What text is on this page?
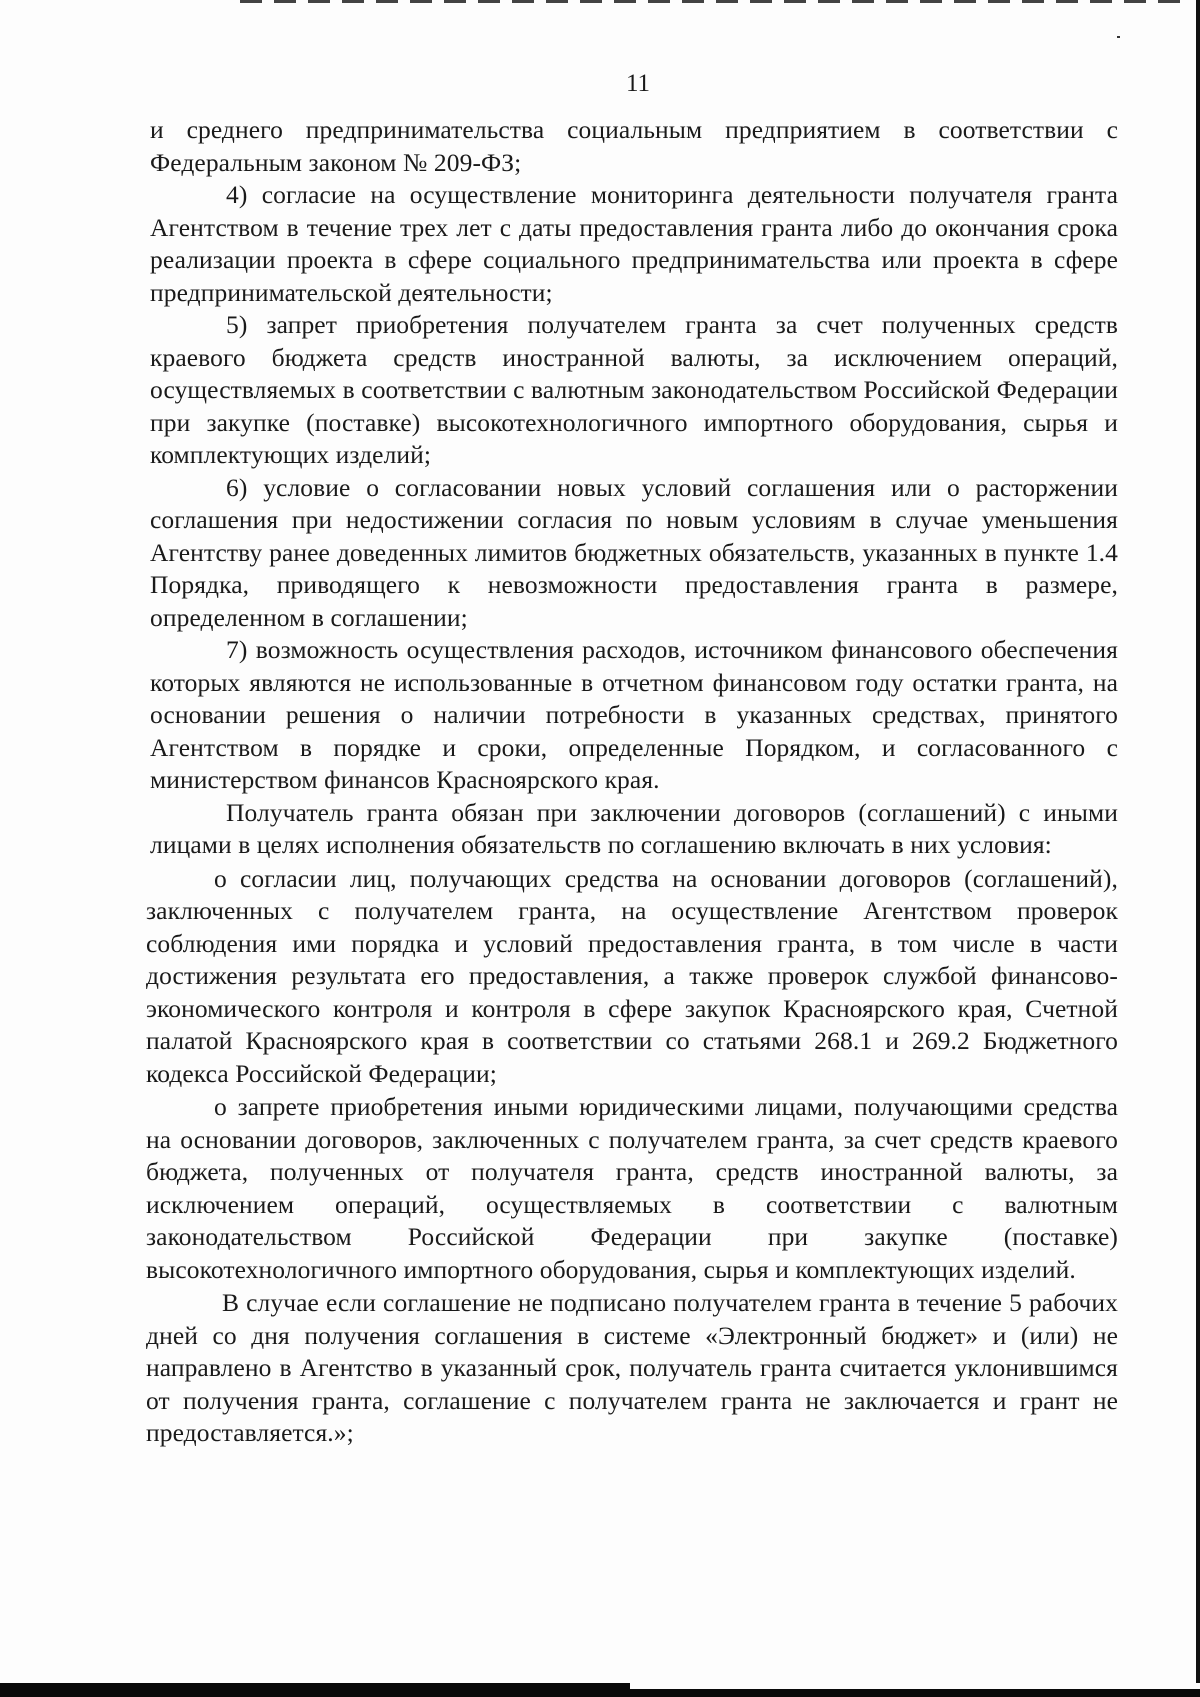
11

и среднего предпринимательства социальным предприятием в соответствии с Федеральным законом № 209-ФЗ;

4) согласие на осуществление мониторинга деятельности получателя гранта Агентством в течение трех лет с даты предоставления гранта либо до окончания срока реализации проекта в сфере социального предпринимательства или проекта в сфере предпринимательской деятельности;

5) запрет приобретения получателем гранта за счет полученных средств краевого бюджета средств иностранной валюты, за исключением операций, осуществляемых в соответствии с валютным законодательством Российской Федерации при закупке (поставке) высокотехнологичного импортного оборудования, сырья и комплектующих изделий;

6) условие о согласовании новых условий соглашения или о расторжении соглашения при недостижении согласия по новым условиям в случае уменьшения Агентству ранее доведенных лимитов бюджетных обязательств, указанных в пункте 1.4 Порядка, приводящего к невозможности предоставления гранта в размере, определенном в соглашении;

7) возможность осуществления расходов, источником финансового обеспечения которых являются не использованные в отчетном финансовом году остатки гранта, на основании решения о наличии потребности в указанных средствах, принятого Агентством в порядке и сроки, определенные Порядком, и согласованного с министерством финансов Красноярского края.

Получатель гранта обязан при заключении договоров (соглашений) с иными лицами в целях исполнения обязательств по соглашению включать в них условия:

о согласии лиц, получающих средства на основании договоров (соглашений), заключенных с получателем гранта, на осуществление Агентством проверок соблюдения ими порядка и условий предоставления гранта, в том числе в части достижения результата его предоставления, а также проверок службой финансово-экономического контроля и контроля в сфере закупок Красноярского края, Счетной палатой Красноярского края в соответствии со статьями 268.1 и 269.2 Бюджетного кодекса Российской Федерации;

о запрете приобретения иными юридическими лицами, получающими средства на основании договоров, заключенных с получателем гранта, за счет средств краевого бюджета, полученных от получателя гранта, средств иностранной валюты, за исключением операций, осуществляемых в соответствии с валютным законодательством Российской Федерации при закупке (поставке) высокотехнологичного импортного оборудования, сырья и комплектующих изделий.

В случае если соглашение не подписано получателем гранта в течение 5 рабочих дней со дня получения соглашения в системе «Электронный бюджет» и (или) не направлено в Агентство в указанный срок, получатель гранта считается уклонившимся от получения гранта, соглашение с получателем гранта не заключается и грант не предоставляется.»;
